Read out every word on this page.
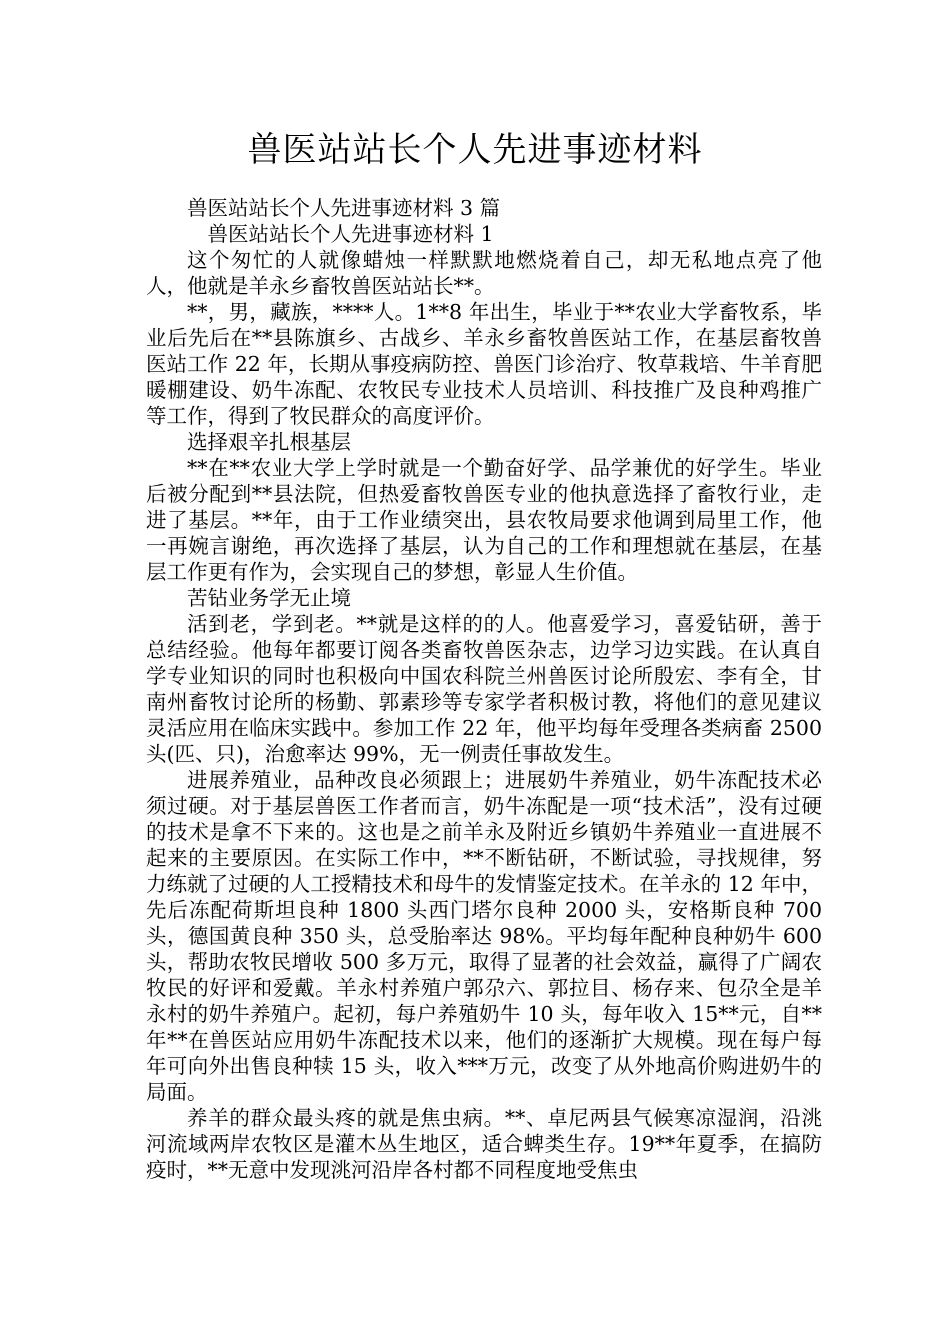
兽医站站长个人先进事迹材料

兽医站站长个人先进事迹材料 3 篇

兽医站站长个人先进事迹材料 1

这个匆忙的人就像蜡烛一样默默地燃烧着自己，却无私地点亮了他人，他就是羊永乡畜牧兽医站站长**。

**，男，藏族，****人。1**8 年出生，毕业于**农业大学畜牧系，毕业后先后在**县陈旗乡、古战乡、羊永乡畜牧兽医站工作，在基层畜牧兽医站工作 22 年，长期从事疫病防控、兽医门诊治疗、牧草栽培、牛羊育肥暖棚建设、奶牛冻配、农牧民专业技术人员培训、科技推广及良种鸡推广等工作，得到了牧民群众的高度评价。

选择艰辛扎根基层

**在**农业大学上学时就是一个勤奋好学、品学兼优的好学生。毕业后被分配到**县法院，但热爱畜牧兽医专业的他执意选择了畜牧行业，走进了基层。**年，由于工作业绩突出，县农牧局要求他调到局里工作，他一再婉言谢绝，再次选择了基层，认为自己的工作和理想就在基层，在基层工作更有作为，会实现自己的梦想，彰显人生价值。

苦钻业务学无止境

活到老，学到老。**就是这样的的人。他喜爱学习，喜爱钻研，善于总结经验。他每年都要订阅各类畜牧兽医杂志，边学习边实践。在认真自学专业知识的同时也积极向中国农科院兰州兽医讨论所殷宏、李有全，甘南州畜牧讨论所的杨勤、郭素珍等专家学者积极讨教，将他们的意见建议灵活应用在临床实践中。参加工作 22 年，他平均每年受理各类病畜 2500 头(匹、只)，治愈率达 99%，无一例责任事故发生。

进展养殖业，品种改良必须跟上；进展奶牛养殖业，奶牛冻配技术必须过硬。对于基层兽医工作者而言，奶牛冻配是一项“技术活”，没有过硬的技术是拿不下来的。这也是之前羊永及附近乡镇奶牛养殖业一直进展不起来的主要原因。在实际工作中，**不断钻研，不断试验，寻找规律，努力练就了过硬的人工授精技术和母牛的发情鉴定技术。在羊永的 12 年中，先后冻配荷斯坦良种 1800 头西门塔尔良种 2000 头，安格斯良种 700 头，德国黄良种 350 头，总受胎率达 98%。平均每年配种良种奶牛 600 头，帮助农牧民增收 500 多万元，取得了显著的社会效益，赢得了广阔农牧民的好评和爱戴。羊永村养殖户郭尕六、郭拉目、杨存来、包尕全是羊永村的奶牛养殖户。起初，每户养殖奶牛 10 头，每年收入 15**元，自**年**在兽医站应用奶牛冻配技术以来，他们的逐渐扩大规模。现在每户每年可向外出售良种犊 15 头，收入***万元，改变了从外地高价购进奶牛的局面。

养羊的群众最头疼的就是焦虫病。**、卓尼两县气候寒凉湿润，沿洮河流域两岸农牧区是灌木丛生地区，适合蜱类生存。19**年夏季，在搞防疫时，**无意中发现洮河沿岸各村都不同程度地受焦虫
